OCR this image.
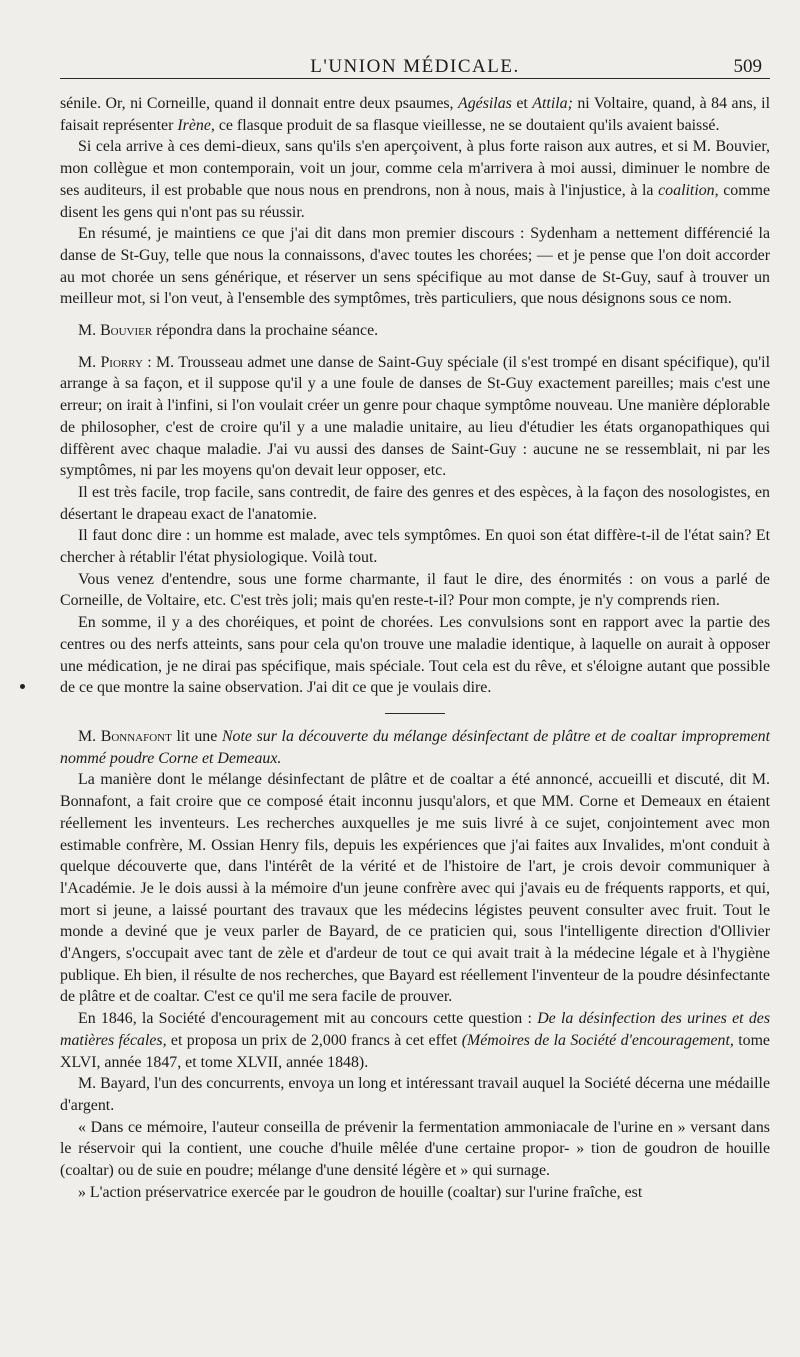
L'UNION MÉDICALE.	509

sénile. Or, ni Corneille, quand il donnait entre deux psaumes, Agésilas et Attila; ni Voltaire, quand, à 84 ans, il faisait représenter Irène, ce flasque produit de sa flasque vieillesse, ne se doutaient qu'ils avaient baissé.

Si cela arrive à ces demi-dieux, sans qu'ils s'en aperçoivent, à plus forte raison aux autres, et si M. Bouvier, mon collègue et mon contemporain, voit un jour, comme cela m'arrivera à moi aussi, diminuer le nombre de ses auditeurs, il est probable que nous nous en prendrons, non à nous, mais à l'injustice, à la coalition, comme disent les gens qui n'ont pas su réussir.

En résumé, je maintiens ce que j'ai dit dans mon premier discours : Sydenham a nettement différencié la danse de St-Guy, telle que nous la connaissons, d'avec toutes les chorées; — et je pense que l'on doit accorder au mot chorée un sens générique, et réserver un sens spécifique au mot danse de St-Guy, sauf à trouver un meilleur mot, si l'on veut, à l'ensemble des symptômes, très particuliers, que nous désignons sous ce nom.

M. Bouvier répondra dans la prochaine séance.

M. Piorry : M. Trousseau admet une danse de Saint-Guy spéciale (il s'est trompé en disant spécifique), qu'il arrange à sa façon, et il suppose qu'il y a une foule de danses de St-Guy exactement pareilles; mais c'est une erreur; on irait à l'infini, si l'on voulait créer un genre pour chaque symptôme nouveau. Une manière déplorable de philosopher, c'est de croire qu'il y a une maladie unitaire, au lieu d'étudier les états organopathiques qui diffèrent avec chaque maladie. J'ai vu aussi des danses de Saint-Guy : aucune ne se ressemblait, ni par les symptômes, ni par les moyens qu'on devait leur opposer, etc.

Il est très facile, trop facile, sans contredit, de faire des genres et des espèces, à la façon des nosologistes, en désertant le drapeau exact de l'anatomie.

Il faut donc dire : un homme est malade, avec tels symptômes. En quoi son état diffère-t-il de l'état sain? Et chercher à rétablir l'état physiologique. Voilà tout.

Vous venez d'entendre, sous une forme charmante, il faut le dire, des énormités : on vous a parlé de Corneille, de Voltaire, etc. C'est très joli; mais qu'en reste-t-il? Pour mon compte, je n'y comprends rien.

En somme, il y a des choréiques, et point de chorées. Les convulsions sont en rapport avec la partie des centres ou des nerfs atteints, sans pour cela qu'on trouve une maladie identique, à laquelle on aurait à opposer une médication, je ne dirai pas spécifique, mais spéciale. Tout cela est du rêve, et s'éloigne autant que possible de ce que montre la saine observation. J'ai dit ce que je voulais dire.

M. Bonnafont lit une Note sur la découverte du mélange désinfectant de plâtre et de coaltar improprement nommé poudre Corne et Demeaux.

La manière dont le mélange désinfectant de plâtre et de coaltar a été annoncé, accueilli et discuté, dit M. Bonnafont, a fait croire que ce composé était inconnu jusqu'alors, et que MM. Corne et Demeaux en étaient réellement les inventeurs. Les recherches auxquelles je me suis livré à ce sujet, conjointement avec mon estimable confrère, M. Ossian Henry fils, depuis les expériences que j'ai faites aux Invalides, m'ont conduit à quelque découverte que, dans l'intérêt de la vérité et de l'histoire de l'art, je crois devoir communiquer à l'Académie. Je le dois aussi à la mémoire d'un jeune confrère avec qui j'avais eu de fréquents rapports, et qui, mort si jeune, a laissé pourtant des travaux que les médecins légistes peuvent consulter avec fruit. Tout le monde a deviné que je veux parler de Bayard, de ce praticien qui, sous l'intelligente direction d'Ollivier d'Angers, s'occupait avec tant de zèle et d'ardeur de tout ce qui avait trait à la médecine légale et à l'hygiène publique. Eh bien, il résulte de nos recherches, que Bayard est réellement l'inventeur de la poudre désinfectante de plâtre et de coaltar. C'est ce qu'il me sera facile de prouver.

En 1846, la Société d'encouragement mit au concours cette question : De la désinfection des urines et des matières fécales, et proposa un prix de 2,000 francs à cet effet (Mémoires de la Société d'encouragement, tome XLVI, année 1847, et tome XLVII, année 1848).

M. Bayard, l'un des concurrents, envoya un long et intéressant travail auquel la Société décerna une médaille d'argent.

« Dans ce mémoire, l'auteur conseilla de prévenir la fermentation ammoniacale de l'urine en » versant dans le réservoir qui la contient, une couche d'huile mêlée d'une certaine propor- » tion de goudron de houille (coaltar) ou de suie en poudre; mélange d'une densité légère et » qui surnage.

» L'action préservatrice exercée par le goudron de houille (coaltar) sur l'urine fraîche, est
